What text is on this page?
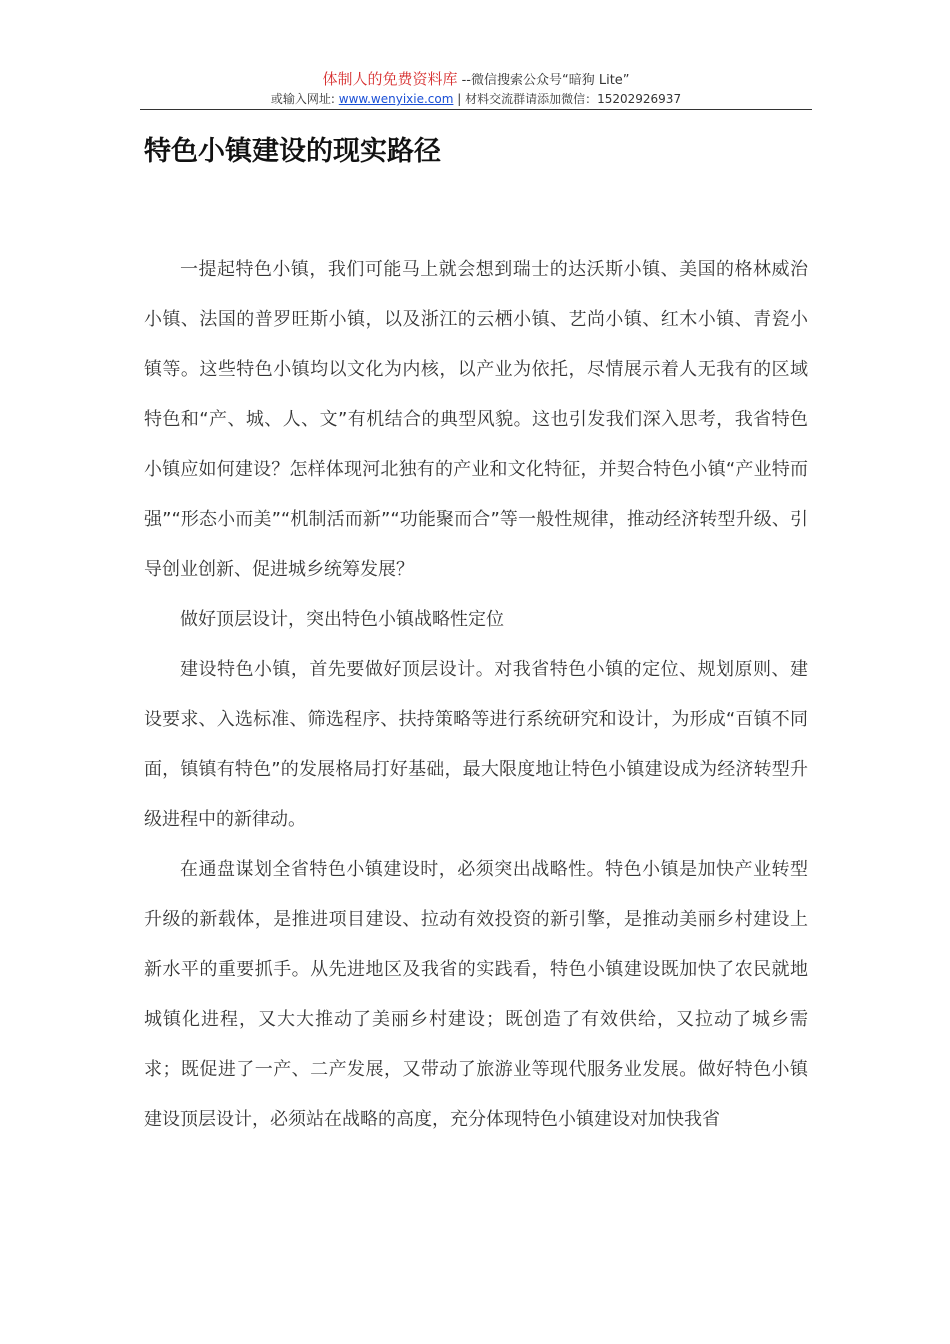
体制人的免费资料库 --微信搜索公众号“暗狗 Lite”
或输入网址: www.wenyixie.com | 材料交流群请添加微信：15202926937
特色小镇建设的现实路径

一提起特色小镇，我们可能马上就会想到瑞士的达沃斯小镇、美国的格林威治小镇、法国的普罗旺斯小镇，以及浙江的云栖小镇、艺尚小镇、红木小镇、青瓷小镇等。这些特色小镇均以文化为内核，以产业为依托，尽情展示着人无我有的区域特色和“产、城、人、文”有机结合的典型风貌。这也引发我们深入思考，我省特色小镇应如何建设？怎样体现河北独有的产业和文化特征，并契合特色小镇“产业特而强”“形态小而美”“机制活而新”“功能聚而合”等一般性规律，推动经济转型升级、引导创业创新、促进城乡统筹发展？

做好顶层设计，突出特色小镇战略性定位

建设特色小镇，首先要做好顶层设计。对我省特色小镇的定位、规划原则、建设要求、入选标准、筛选程序、扶持策略等进行系统研究和设计，为形成“百镇不同面，镇镇有特色”的发展格局打好基础，最大限度地让特色小镇建设成为经济转型升级进程中的新律动。

在通盘谋划全省特色小镇建设时，必须突出战略性。特色小镇是加快产业转型升级的新载体，是推进项目建设、拉动有效投资的新引擎，是推动美丽乡村建设上新水平的重要抓手。从先进地区及我省的实践看，特色小镇建设既加快了农民就地城镇化进程，又大大推动了美丽乡村建设；既创造了有效供给，又拉动了城乡需求；既促进了一产、二产发展，又带动了旅游业等现代服务业发展。做好特色小镇建设顶层设计，必须站在战略的高度，充分体现特色小镇建设对加快我省
